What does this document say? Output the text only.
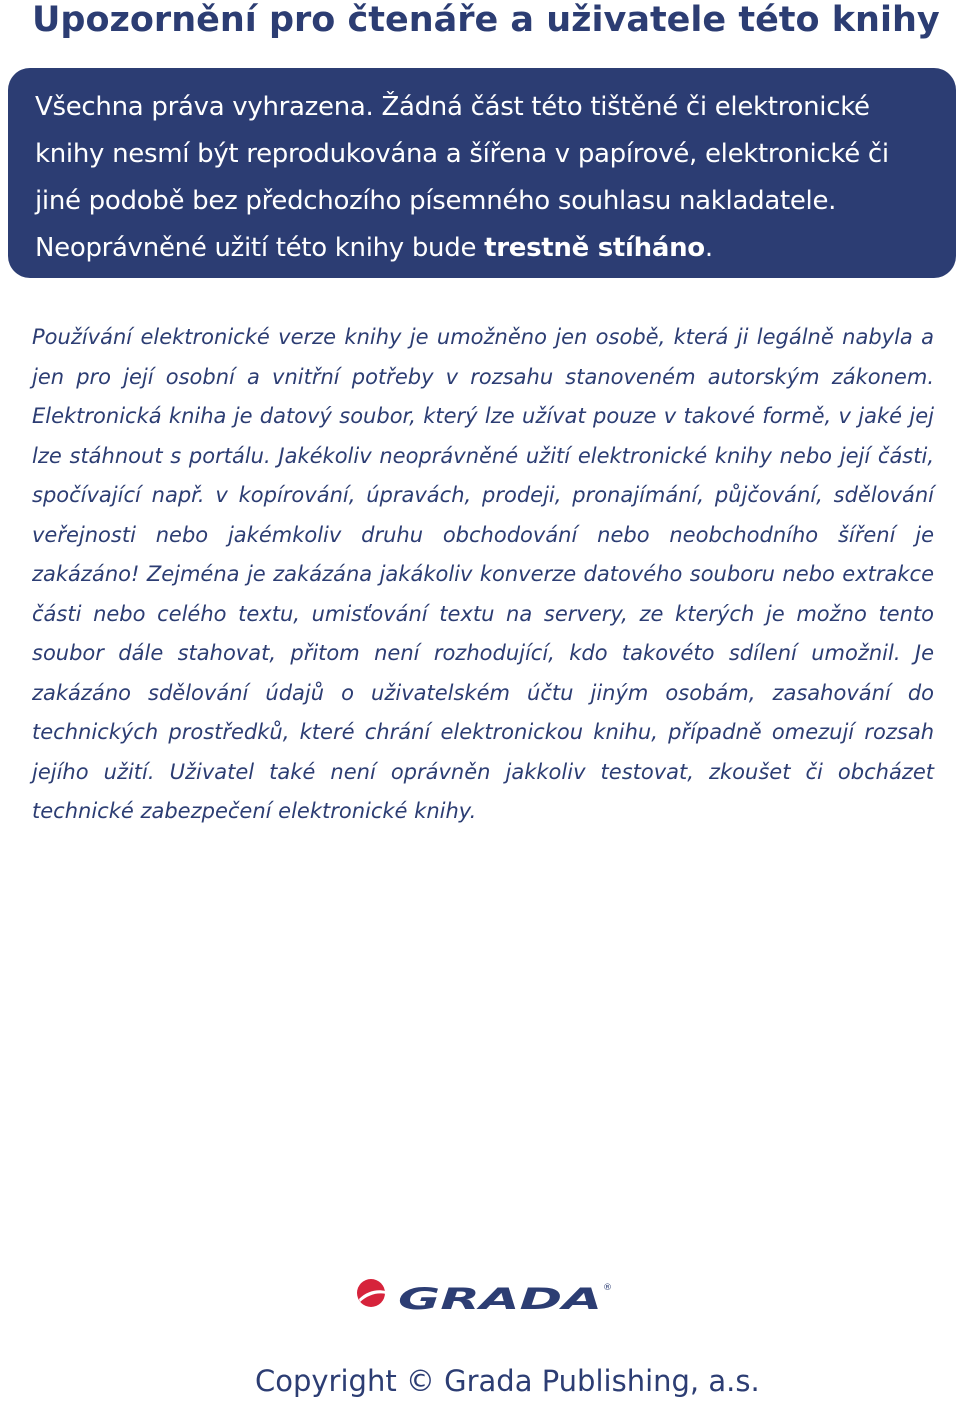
Upozornění pro čtenáře a uživatele této knihy
Všechna práva vyhrazena. Žádná část této tištěné či elektronické knihy nesmí být reprodukována a šířena v papírové, elektronické či jiné podobě bez předchozího písemného souhlasu nakladatele. Neoprávněné užití této knihy bude trestně stíháno.

Používání elektronické verze knihy je umožněno jen osobě, která ji legálně nabyla a jen pro její osobní a vnitřní potřeby v rozsahu stanoveném autorským zákonem. Elektronická kniha je datový soubor, který lze užívat pouze v takové formě, v jaké jej lze stáhnout s portálu. Jakékoliv neoprávněné užití elektronické knihy nebo její části, spočívající např. v kopírování, úpravách, prodeji, pronajímání, půjčování, sdělování veřejnosti nebo jakémkoliv druhu obchodování nebo neobchodního šíření je zakázáno! Zejména je zakázána jakákoliv konverze datového souboru nebo extrakce části nebo celého textu, umisťování textu na servery, ze kterých je možno tento soubor dále stahovat, přitom není rozhodující, kdo takovéto sdílení umožnil. Je zakázáno sdělování údajů o uživatelském účtu jiným osobám, zasahování do technických prostředků, které chrání elektronickou knihu, případně omezují rozsah jejího užití. Uživatel také není oprávněn jakkoliv testovat, zkoušet či obcházet technické zabezpečení elektronické knihy.

GRADA ®

Copyright © Grada Publishing, a.s.
